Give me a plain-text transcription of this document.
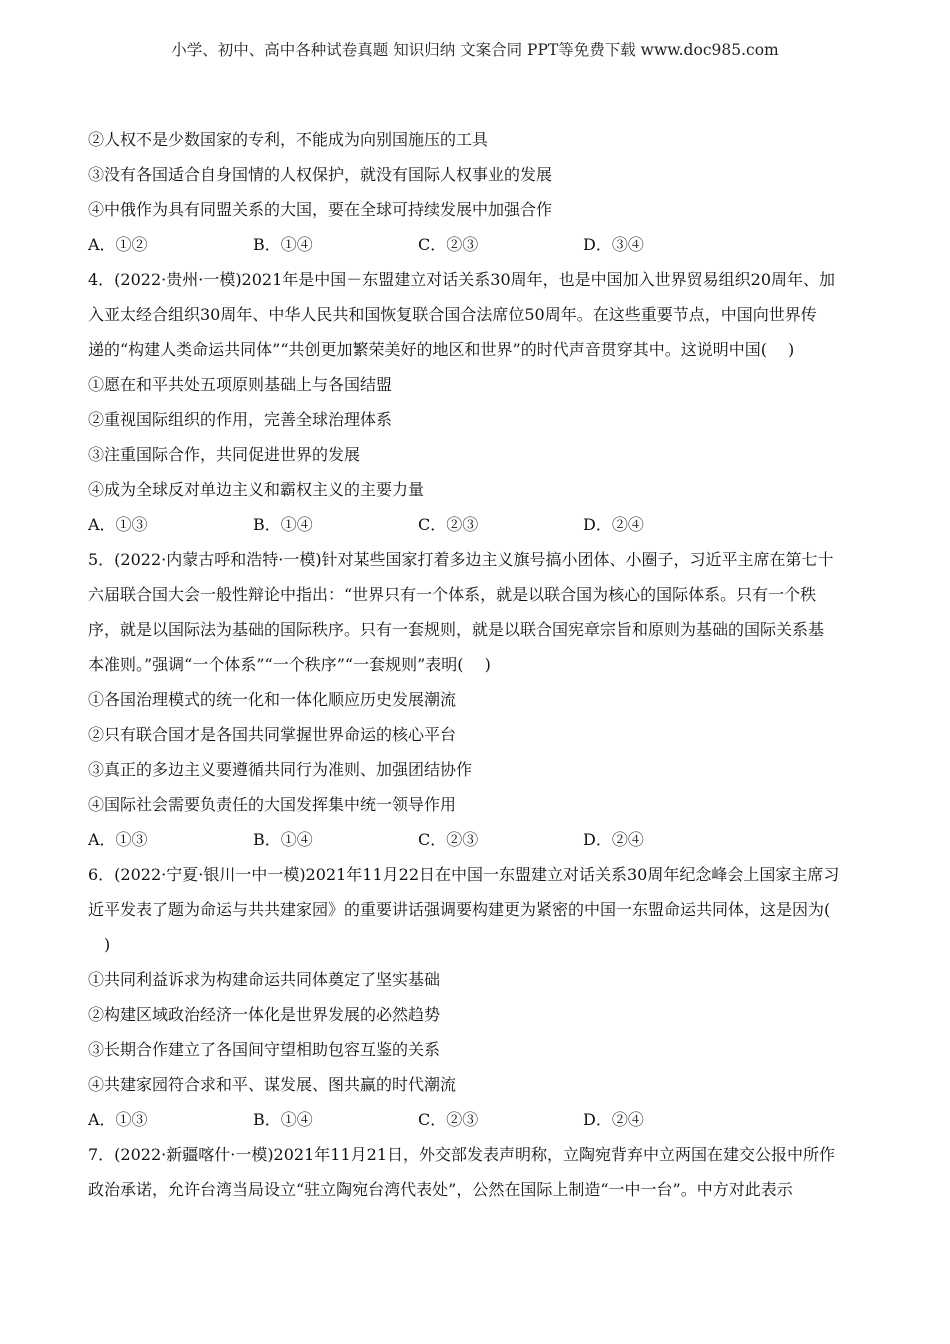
小学、初中、高中各种试卷真题 知识归纳 文案合同 PPT等免费下载 www.doc985.com
②人权不是少数国家的专利，不能成为向别国施压的工具
③没有各国适合自身国情的人权保护，就没有国际人权事业的发展
④中俄作为具有同盟关系的大国，要在全球可持续发展中加强合作
A．①②	B．①④	C．②③	D．③④
4．(2022·贵州·一模)2021年是中国－东盟建立对话关系30周年，也是中国加入世界贸易组织20周年、加
入亚太经合组织30周年、中华人民共和国恢复联合国合法席位50周年。在这些重要节点，中国向世界传
递的“构建人类命运共同体”“共创更加繁荣美好的地区和世界”的时代声音贯穿其中。这说明中国(　 )
①愿在和平共处五项原则基础上与各国结盟
②重视国际组织的作用，完善全球治理体系
③注重国际合作，共同促进世界的发展
④成为全球反对单边主义和霸权主义的主要力量
A．①③	B．①④	C．②③	D．②④
5．(2022·内蒙古呼和浩特·一模)针对某些国家打着多边主义旗号搞小团体、小圈子，习近平主席在第七十
六届联合国大会一般性辩论中指出：“世界只有一个体系，就是以联合国为核心的国际体系。只有一个秩
序，就是以国际法为基础的国际秩序。只有一套规则，就是以联合国宪章宗旨和原则为基础的国际关系基
本准则。”强调“一个体系”“一个秩序”“一套规则”表明(　 )
①各国治理模式的统一化和一体化顺应历史发展潮流
②只有联合国才是各国共同掌握世界命运的核心平台
③真正的多边主义要遵循共同行为准则、加强团结协作
④国际社会需要负责任的大国发挥集中统一领导作用
A．①③	B．①④	C．②③	D．②④
6．(2022·宁夏·银川一中一模)2021年11月22日在中国一东盟建立对话关系30周年纪念峰会上国家主席习
近平发表了题为命运与共共建家园》的重要讲话强调要构建更为紧密的中国一东盟命运共同体，这是因为(
)
①共同利益诉求为构建命运共同体奠定了坚实基础
②构建区域政治经济一体化是世界发展的必然趋势
③长期合作建立了各国间守望相助包容互鉴的关系
④共建家园符合求和平、谋发展、图共赢的时代潮流
A．①③	B．①④	C．②③	D．②④
7．(2022·新疆喀什·一模)2021年11月21日，外交部发表声明称，立陶宛背弃中立两国在建交公报中所作
政治承诺，允许台湾当局设立“驻立陶宛台湾代表处”，公然在国际上制造“一中一台”。中方对此表示
